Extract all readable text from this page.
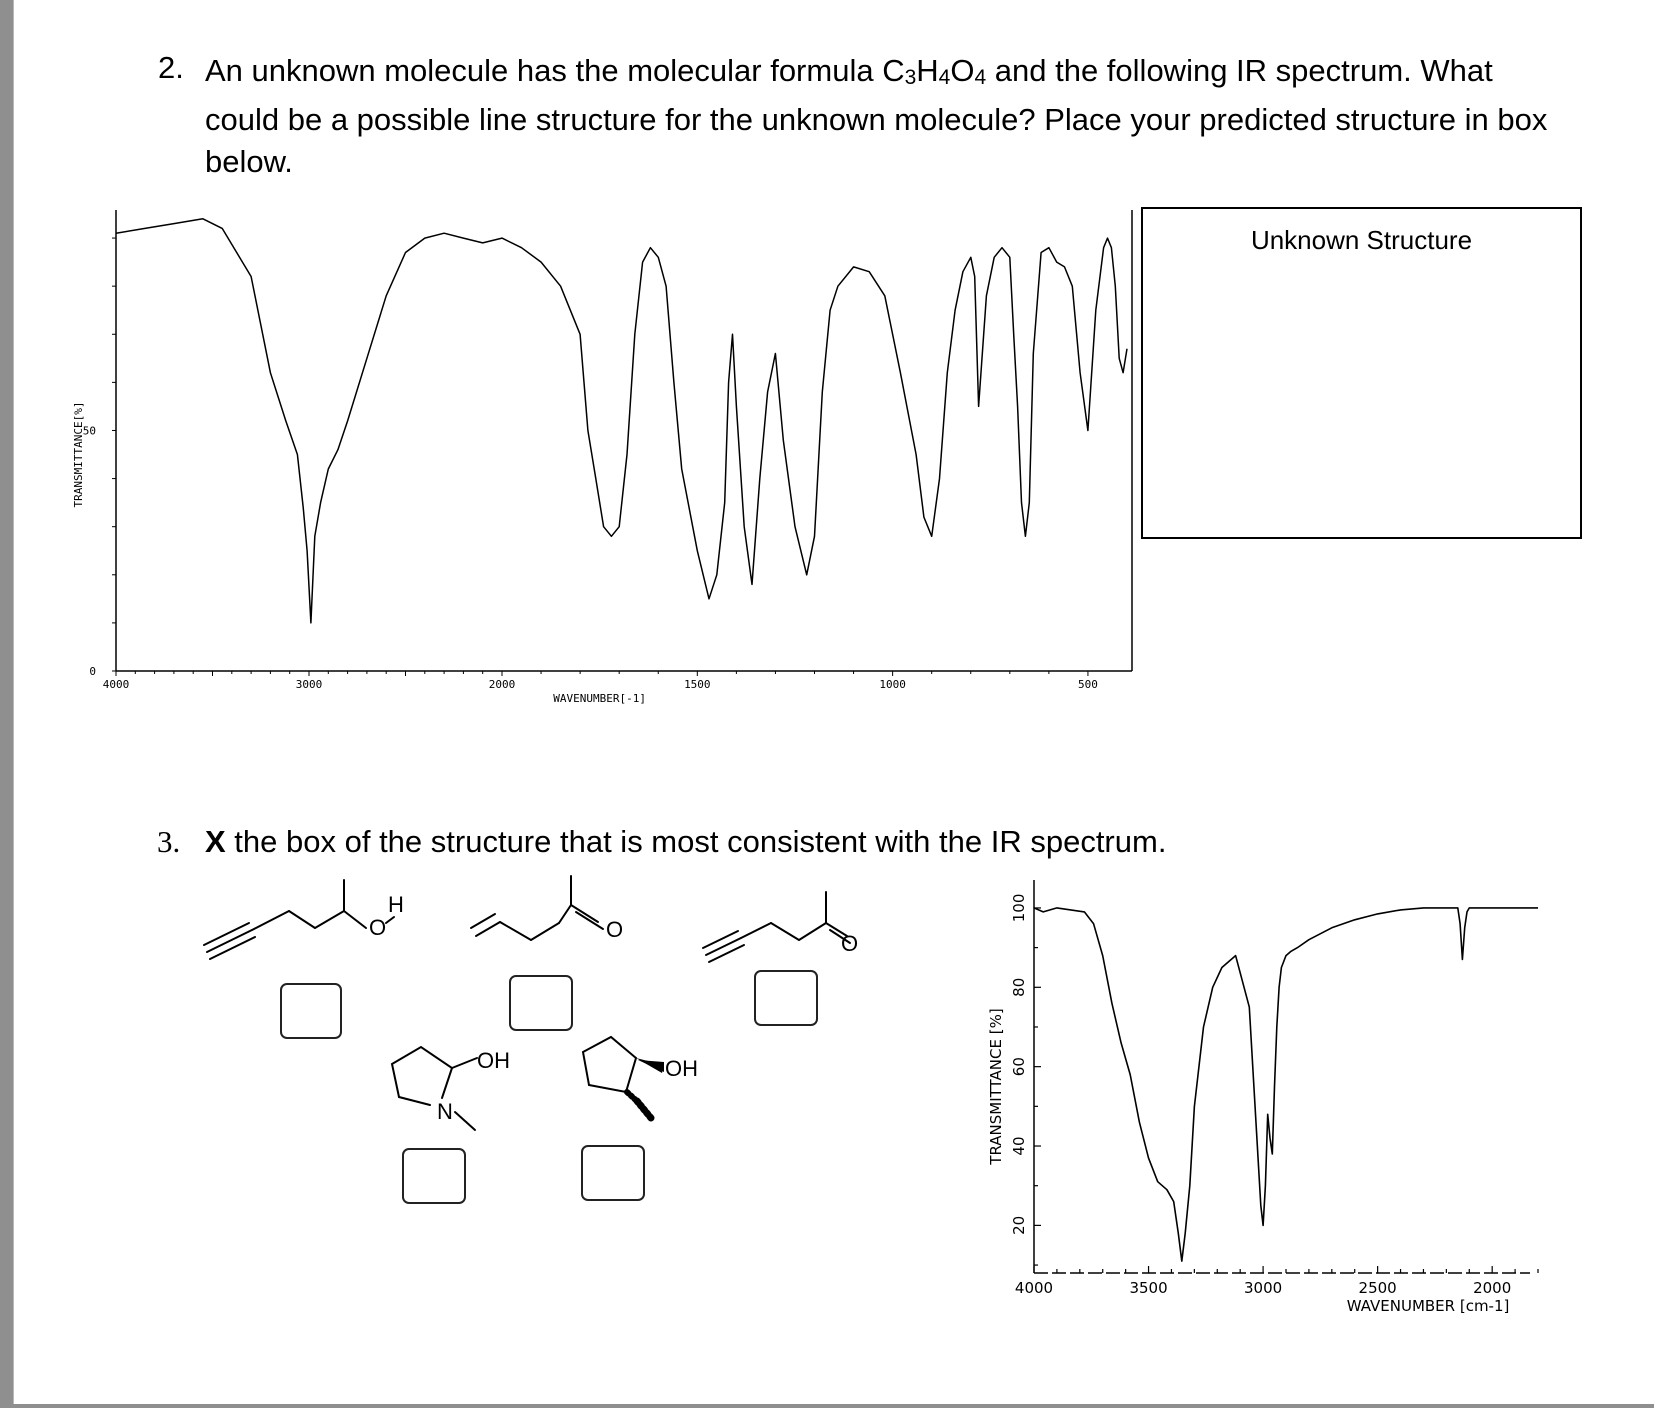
2. An unknown molecule has the molecular formula $C_3H_4O_4$ and the following IR spectrum. What could be a possible line structure for the unknown molecule? Place your predicted structure in box below.
4000	3000	2000	1500	1000	500
0
50
WAVENUMBER[-1]
TRANSMITTANCE[%]
Unknown Structure
3. X the box of the structure that is most consistent with the IR spectrum.
O
H
O
O
OH
N
OH
4000	3500	3000	2500	2000
20
40
60
80
100
WAVENUMBER [cm-1]
TRANSMITTANCE [%]
